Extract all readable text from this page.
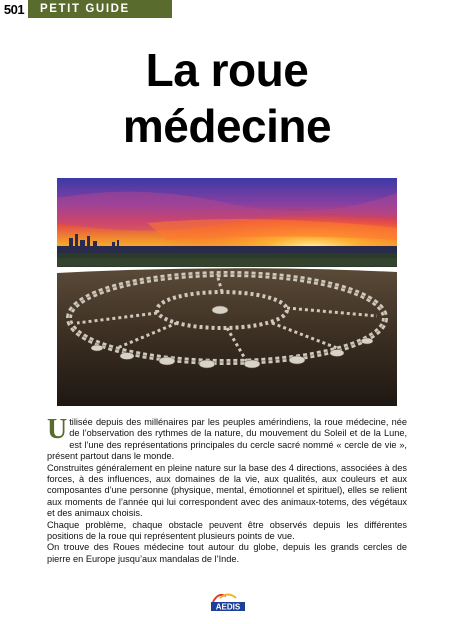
501	PETIT GUIDE
La roue
médecine
© Shutterstock

Utilisée depuis des millénaires par les peuples amérindiens, la roue médecine, née de l’observation des rythmes de la nature, du mouvement du Soleil et de la Lune, est l’une des représentations principales du cercle sacré nommé « cercle de vie », présent partout dans le monde.

Construites généralement en pleine nature sur la base des 4 directions, associées à des forces, à des influences, aux domaines de la vie, aux qualités, aux couleurs et aux composantes d’une personne (physique, mental, émotionnel et spirituel), elles se relient aux moments de l’année qui lui correspondent avec des animaux-totems, des végétaux et des animaux choisis.

Chaque problème, chaque obstacle peuvent être observés depuis les différentes positions de la roue qui représentent plusieurs points de vue.

On trouve des Roues médecine tout autour du globe, depuis les grands cercles de pierre en Europe jusqu’aux mandalas de l’Inde.

AEDIS
